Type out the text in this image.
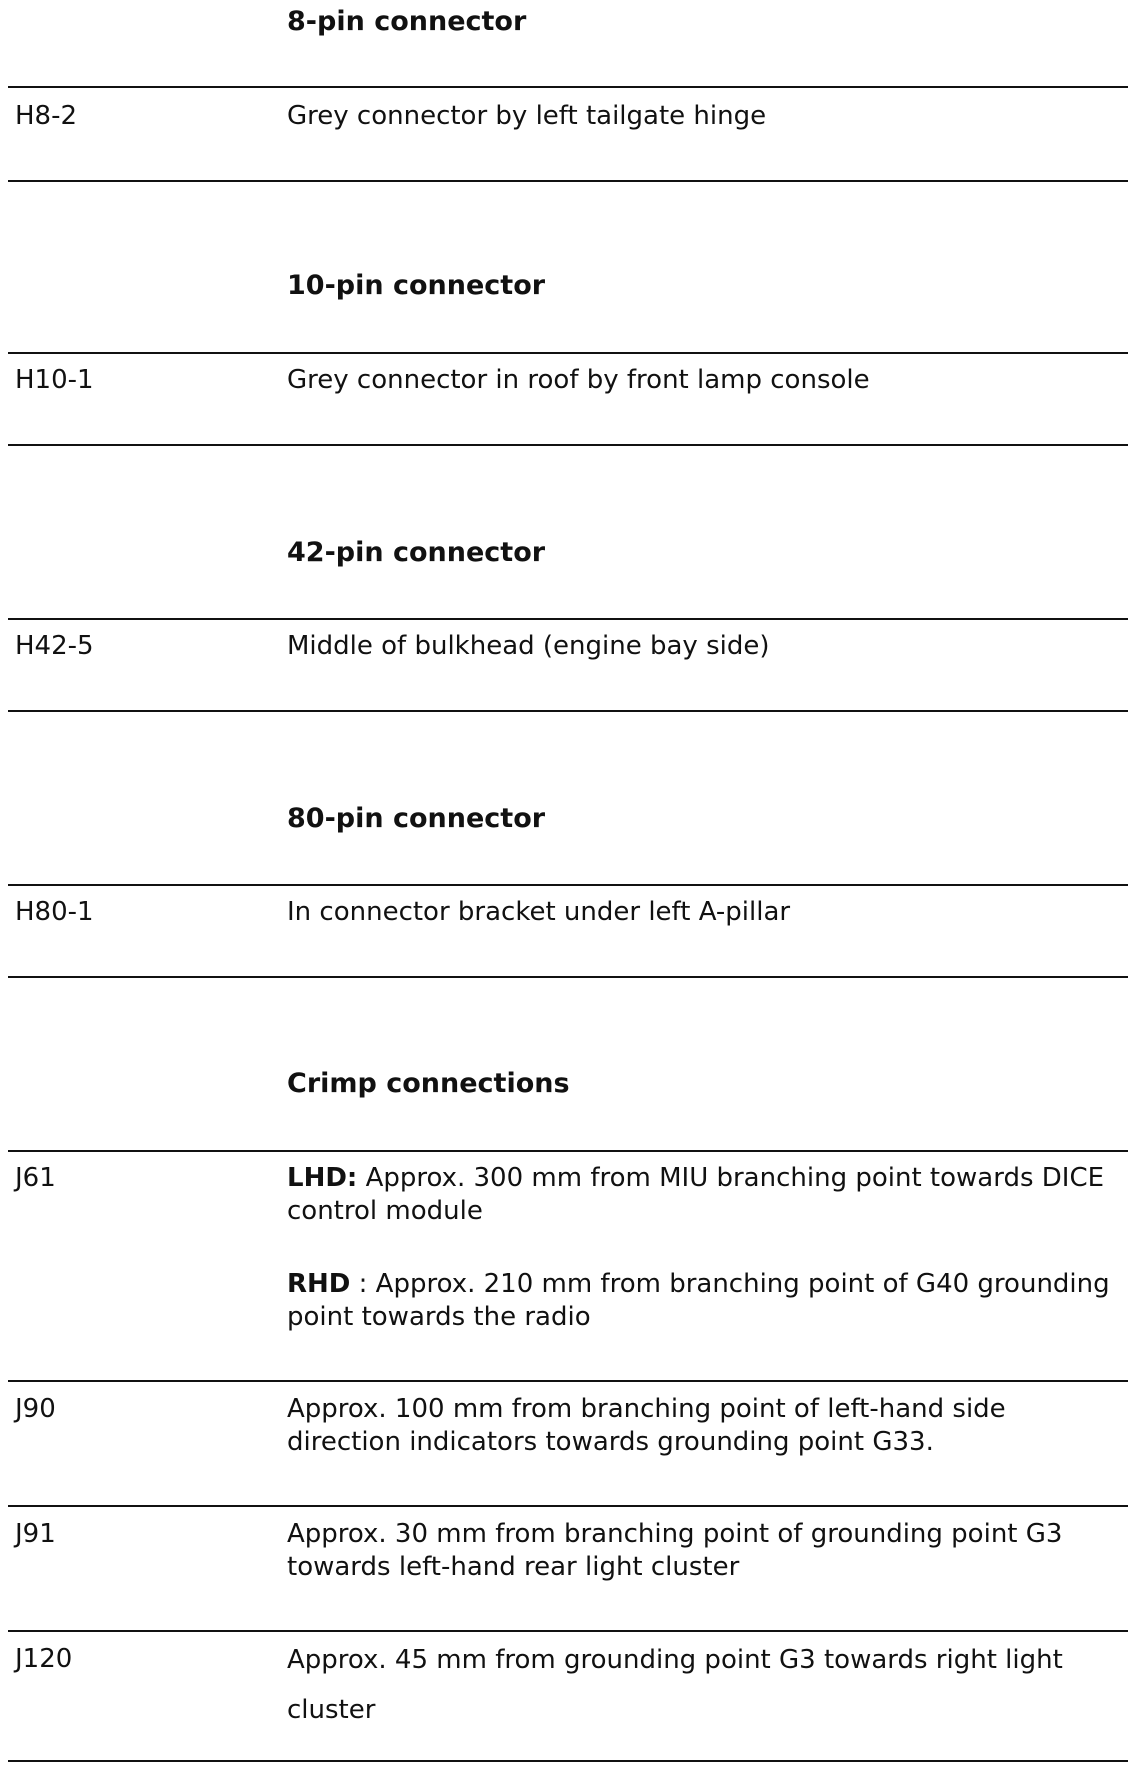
8-pin connector
H8-2	Grey connector by left tailgate hinge
10-pin connector
H10-1	Grey connector in roof by front lamp console
42-pin connector
H42-5	Middle of bulkhead (engine bay side)
80-pin connector
H80-1	In connector bracket under left A-pillar
Crimp connections
J61	LHD: Approx. 300 mm from MIU branching point towards DICE control module

RHD : Approx. 210 mm from branching point of G40 grounding point towards the radio

J90	Approx. 100 mm from branching point of left-hand side direction indicators towards grounding point G33.
J91	Approx. 30 mm from branching point of grounding point G3 towards left-hand rear light cluster
J120	Approx. 45 mm from grounding point G3 towards right light cluster
